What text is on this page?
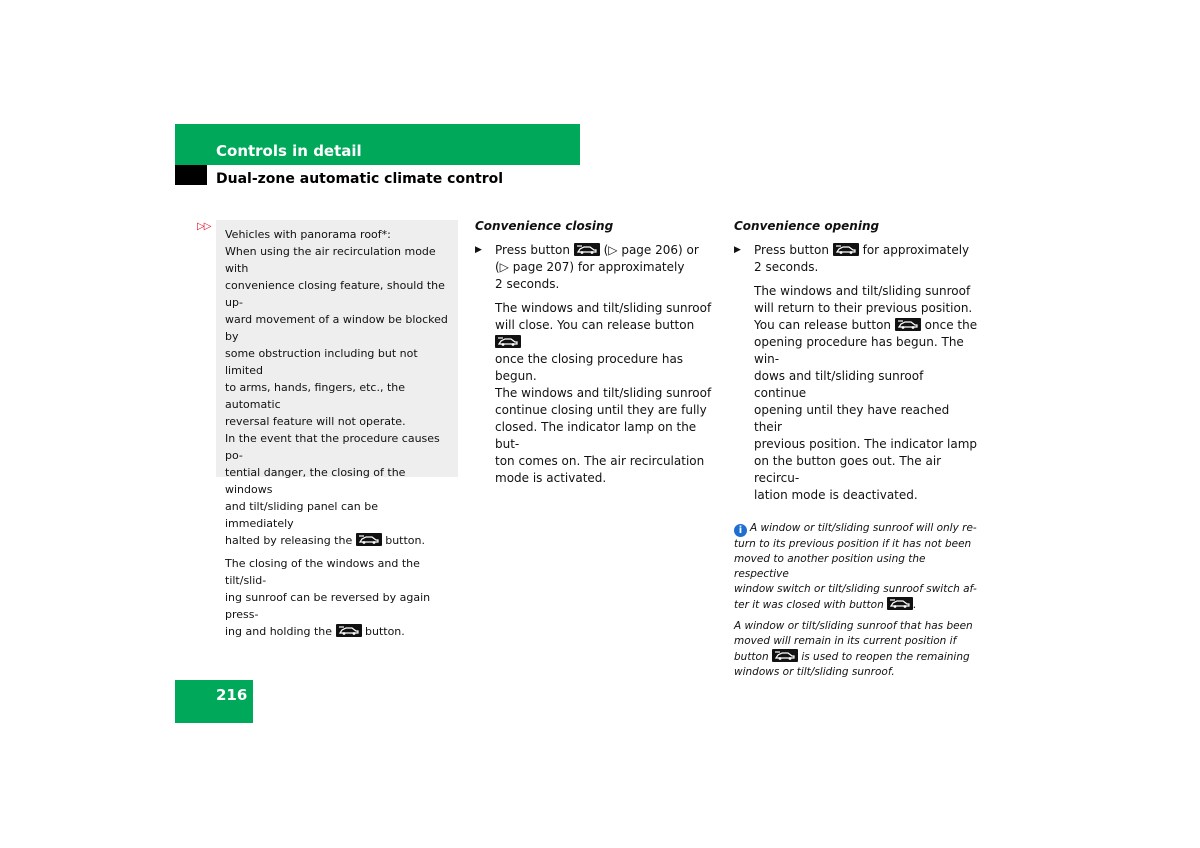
Controls in detail
Dual-zone automatic climate control
▷▷

Vehicles with panorama roof*:
When using the air recirculation mode with
convenience closing feature, should the up-
ward movement of a window be blocked by
some obstruction including but not limited
to arms, hands, fingers, etc., the automatic
reversal feature will not operate.
In the event that the procedure causes po-
tential danger, the closing of the windows
and tilt/sliding panel can be immediately
halted by releasing the
button.

The closing of the windows and the tilt/slid-
ing sunroof can be reversed by again press-
ing and holding the
button.

Convenience closing
▶ Press button
(▷ page 206) or
(▷ page 207) for approximately
2 seconds.
The windows and tilt/sliding sunroof
will close. You can release button

once the closing procedure has begun.
The windows and tilt/sliding sunroof
continue closing until they are fully
closed. The indicator lamp on the but-
ton comes on. The air recirculation
mode is activated.
Convenience opening
▶ Press button
for approximately
2 seconds.
The windows and tilt/sliding sunroof
will return to their previous position.
You can release button
once the
opening procedure has begun. The win-
dows and tilt/sliding sunroof continue
opening until they have reached their
previous position. The indicator lamp
on the button goes out. The air recircu-
lation mode is deactivated.

i A window or tilt/sliding sunroof will only re-
turn to its previous position if it has not been
moved to another position using the respective
window switch or tilt/sliding sunroof switch af-
ter it was closed with button
.

A window or tilt/sliding sunroof that has been
moved will remain in its current position if
button
is used to reopen the remaining
windows or tilt/sliding sunroof.

216
